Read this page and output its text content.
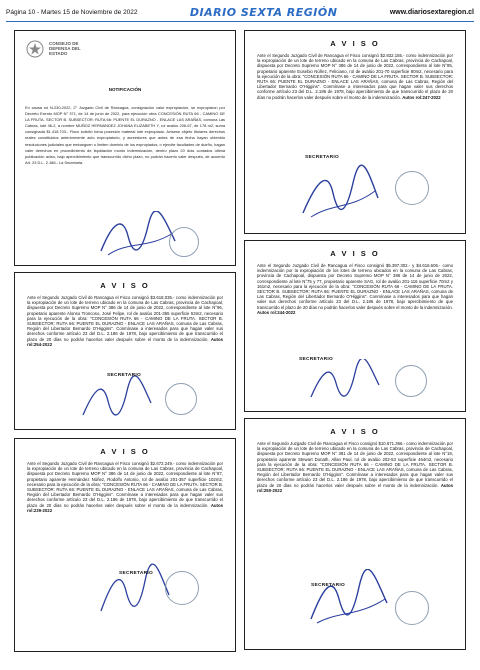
Página 10 - Martes 15 de Noviembre de 2022	DIARIO SEXTA REGIÓN	www.diariosextaregion.cl
CONSEJO DE
DEFENSA DEL
ESTADO
NOTIFICACIÓN
En causa rol N-230-2022, 2° Juzgado Civil de Rancagua, consignación valor expropiación, se expropiaron por Decreto Exento MOP N° 371, de 14 de junio de 2022, para ejecución obra CONCESIÓN RUTA 66 - CAMINO DE LA FRUTA. SECTOR B. SUBSECTOR: RUTA 66: PUENTE EL DURAZNO - ENLACE LAS ARAÑAS, comuna Las Cabras, lote 46-2, a nombre MUÑOZ HERNANDEZ JOHANA ELIZABETH Y, rol avalúo 206-67, de 178 m2, suma consignada $1.418.703.- Fisco solicitó toma posesión material lote expropiado. Avísese objeto titulares derechos reales constituidos anteriormente acto expropiatorio, y acreedores que antes de esa fecha hayan obtenido resoluciones judiciales que embarguen o limiten dominio de los expropiados, o ejercite facultades de dueño, hagan valer derechos en procedimiento de liquidación monto indemnización, dentro plazo 20 días contados última publicación aviso, bajo apercibimiento que transcurrido dicho plazo, no podrán hacerlo valer después, de acuerdo Art. 23 D.L. 2.186.- La Secretaria.
A V I S O
Ante el Segundo Juzgado Civil de Rancagua el Fisco consignó $2.832.155.- como indemnización por la expropiación de un lote de terreno ubicado en la comuna de Las Cabras, provincia de Cachapoal, dispuesta por Decreto Supremo MOP N° 386 de 14 de junio de 2022, correspondiente al lote N°85, propietario aparente Eusebio Núñez, Feliciano, rol de avalúo 201-70 superficie 80m2, necesario para la ejecución de la obra: "CONCESIÓN RUTA 66 - CAMINO DE LA FRUTA. SECTOR B. SUBSECTOR: RUTA 66: PUENTE EL DURAZNO - ENLACE LAS ARAÑAS, comuna de Las Cabras, Región del Libertador Bernardo O'Higgins". Conmínase a interesados para que hagan valer sus derechos conforme artículo 23 del D.L. 2.186 de 1978, bajo apercibimiento de que transcurrido el plazo de 20 días no podrán hacerlos valer después sobre el monto de la indemnización. Autos rol:247-2022
SECRETARIO
A V I S O
Ante el Segundo Juzgado Civil de Rancagua el Fisco consignó $3.618.035.- como indemnización por la expropiación de un lote de terreno ubicado en la comuna de Las Cabras, provincia de Cachapoal, dispuesta por Decreto Supremo MOP N° 386 de 14 de junio de 2022, correspondiente al lote N°96, propietario aparente Alonso Troncoso, José Felipe, rol de avalúo 201-365 superficie 53m2, necesario para la ejecución de la obra: "CONCESIÓN RUTA 66 - CAMINO DE LA FRUTA. SECTOR B. SUBSECTOR: RUTA 66: PUENTE EL DURAZNO - ENLACE LAS ARAÑAS, comuna de Las Cabras, Región del Libertador Bernardo O'Higgins". Conmínase a interesados para que hagan valer sus derechos conforme artículo 23 del D.L. 2.186 de 1978, bajo apercibimiento de que transcurrido el plazo de 20 días no podrán hacerlos valer después sobre el monto de la indemnización. Autos rol:254-2022
SECRETARIO
A V I S O
Ante el Segundo Juzgado Civil de Rancagua el Fisco consignó $5.397.302.- y $4.616.606.- como indemnización por la expropiación de los lotes de terreno ubicados en la comuna de Las Cabras, provincia de Cachapoal, dispuesta por Decreto Supremo MOP N° 386 de 14 de junio de 2022, correspondiente al lote N°75 y 77, propietario aparente SAG, rol de avalúo 201-116 superficie 70m2 y 161m2, necesario para la ejecución de la obra: "CONCESIÓN RUTA 66 - CAMINO DE LA FRUTA. SECTOR B. SUBSECTOR: RUTA 66: PUENTE EL DURAZNO - ENLACE LAS ARAÑAS, comuna de Las Cabras, Región del Libertador Bernardo O'Higgins". Conmínase a interesados para que hagan valer sus derechos conforme artículo 23 del D.L. 2.186 de 1978, bajo apercibimiento de que transcurrido el plazo de 20 días no podrán hacerlos valer después sobre el monto de la indemnización. Autos rol:244-2022
SECRETARIO
A V I S O
Ante el Segundo Juzgado Civil de Rancagua el Fisco consignó $2.672.249.- como indemnización por la expropiación de un lote de terreno ubicado en la comuna de Las Cabras, provincia de Cachapoal, dispuesta por Decreto Supremo MOP N° 386 de 14 de junio de 2022, correspondiente al lote N°87, propietario aparente Hernández Núñez, Rodolfo Antonio, rol de avalúo 201-357 superficie 102m2, necesario para la ejecución de la obra: "CONCESIÓN RUTA 66 - CAMINO DE LA FRUTA. SECTOR B. SUBSECTOR: RUTA 66: PUENTE EL DURAZNO - ENLACE LAS ARAÑAS, comuna de Las Cabras, Región del Libertador Bernardo O'Higgins". Conmínase a interesados para que hagan valer sus derechos conforme artículo 23 del D.L. 2.186 de 1978, bajo apercibimiento de que transcurrido el plazo de 20 días no podrán hacerlos valer después sobre el monto de la indemnización. Autos rol:239-2022
SECRETARIO
A V I S O
Ante el Segundo Juzgado Civil de Rancagua el Fisco consignó $10.671.366.- como indemnización por la expropiación de un lote de terreno ubicado en la comuna de Las Cabras, provincia de Cachapoal, dispuesta por Decreto Supremo MOP N° 381 de 14 de junio de 2022, correspondiente al lote N°19, propietario aparente Stewart Donath, Allan Paul, rol de avalúo 202-53 superficie 464m2, necesario para la ejecución de la obra: "CONCESIÓN RUTA 66 - CAMINO DE LA FRUTA. SECTOR B. SUBSECTOR: RUTA 66: PUENTE EL DURAZNO - ENLACE LAS ARAÑAS, comuna de Las Cabras, Región del Libertador Bernardo O'Higgins". Conmínase a interesados para que hagan valer sus derechos conforme artículo 23 del D.L. 2.186 de 1978, bajo apercibimiento de que transcurrido el plazo de 20 días no podrán hacerlos valer después sobre el monto de la indemnización. Autos rol:250-2022
SECRETARIO
